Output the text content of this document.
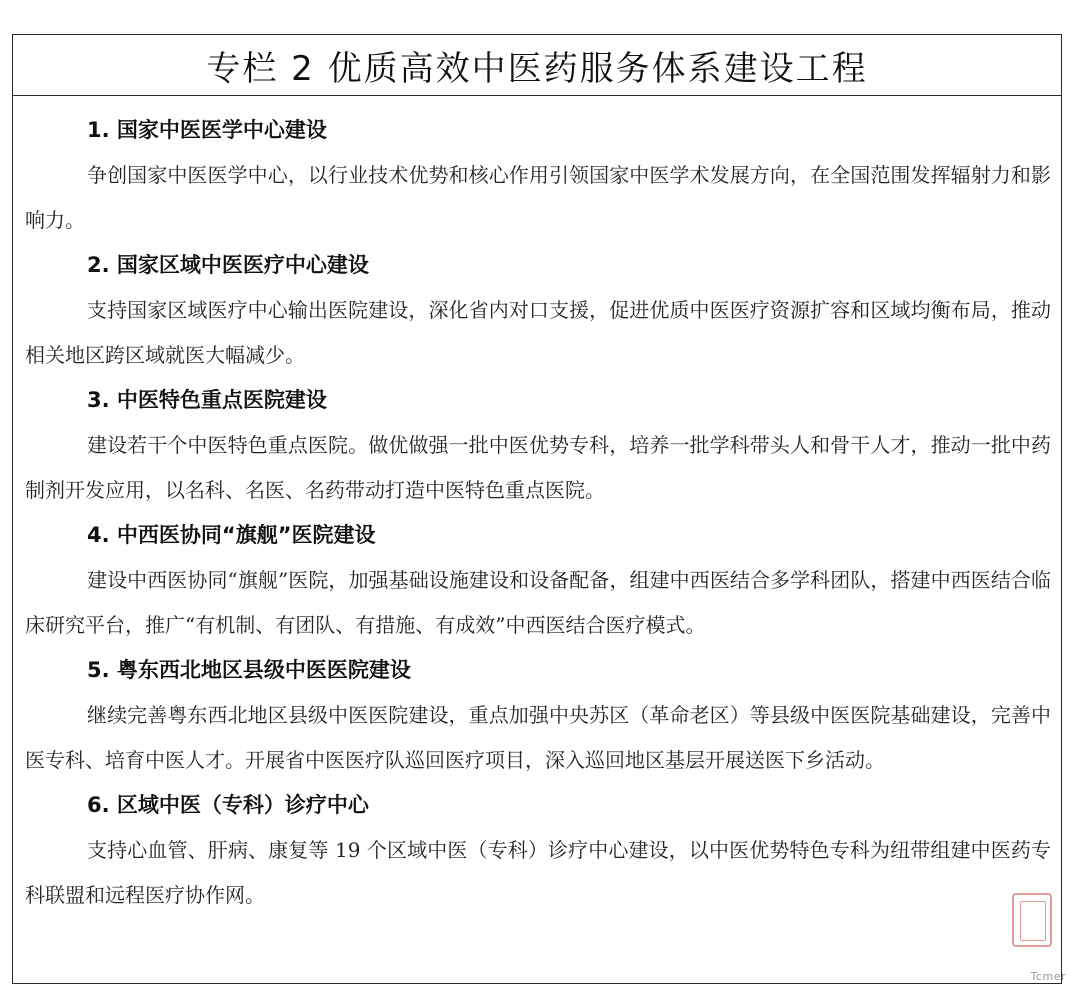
专栏 2 优质高效中医药服务体系建设工程
1. 国家中医医学中心建设

争创国家中医医学中心，以行业技术优势和核心作用引领国家中医学术发展方向，在全国范围发挥辐射力和影响力。

2. 国家区域中医医疗中心建设

支持国家区域医疗中心输出医院建设，深化省内对口支援，促进优质中医医疗资源扩容和区域均衡布局，推动相关地区跨区域就医大幅减少。

3. 中医特色重点医院建设

建设若干个中医特色重点医院。做优做强一批中医优势专科，培养一批学科带头人和骨干人才，推动一批中药制剂开发应用，以名科、名医、名药带动打造中医特色重点医院。

4. 中西医协同“旗舰”医院建设

建设中西医协同“旗舰”医院，加强基础设施建设和设备配备，组建中西医结合多学科团队，搭建中西医结合临床研究平台，推广“有机制、有团队、有措施、有成效”中西医结合医疗模式。

5. 粤东西北地区县级中医医院建设

继续完善粤东西北地区县级中医医院建设，重点加强中央苏区（革命老区）等县级中医医院基础建设，完善中医专科、培育中医人才。开展省中医医疗队巡回医疗项目，深入巡回地区基层开展送医下乡活动。

6. 区域中医（专科）诊疗中心

支持心血管、肝病、康复等 19 个区域中医（专科）诊疗中心建设，以中医优势特色专科为纽带组建中医药专科联盟和远程医疗协作网。

Tcmer
